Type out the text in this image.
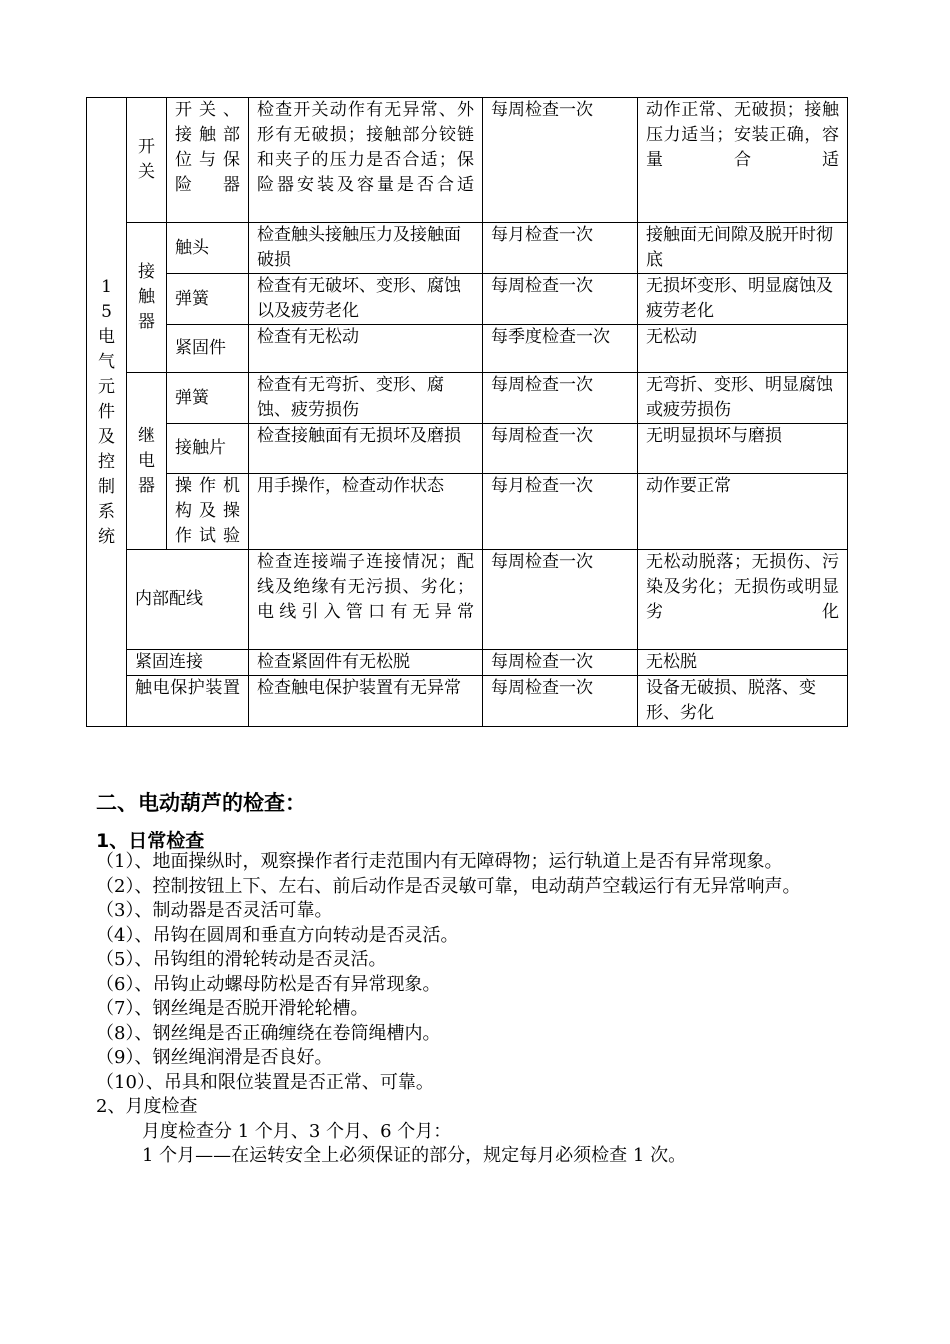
15电气元件及控制系统	开关	开关、接触部位与保险器	检查开关动作有无异常、外形有无破损；接触部分铰链和夹子的压力是否合适；保险器安装及容量是否合适	每周检查一次	动作正常、无破损；接触压力适当；安装正确，容量合适

	接触器	触头	检查触头接触压力及接触面破损	每月检查一次	接触面无间隙及脱开时彻底
		弹簧	检查有无破坏、变形、腐蚀以及疲劳老化	每周检查一次	无损坏变形、明显腐蚀及疲劳老化
		紧固件	检查有无松动	每季度检查一次	无松动

	继电器	弹簧	检查有无弯折、变形、腐蚀、疲劳损伤	每周检查一次	无弯折、变形、明显腐蚀或疲劳损伤
		接触片	检查接触面有无损坏及磨损	每周检查一次	无明显损坏与磨损
		操作机构及操作试验	用手操作，检查动作状态	每月检查一次	动作要正常
	内部配线		检查连接端子连接情况；配线及绝缘有无污损、劣化；电线引入管口有无异常	每周检查一次	无松动脱落；无损伤、污染及劣化；无损伤或明显劣化
	紧固连接		检查紧固件有无松脱	每周检查一次	无松脱
	触电保护装置		检查触电保护装置有无异常	每周检查一次	设备无破损、脱落、变形、劣化
二、电动葫芦的检查：
1、日常检查

（1）、地面操纵时，观察操作者行走范围内有无障碍物；运行轨道上是否有异常现象。

（2）、控制按钮上下、左右、前后动作是否灵敏可靠，电动葫芦空载运行有无异常响声。

（3）、制动器是否灵活可靠。

（4）、吊钩在圆周和垂直方向转动是否灵活。

（5）、吊钩组的滑轮转动是否灵活。

（6）、吊钩止动螺母防松是否有异常现象。

（7）、钢丝绳是否脱开滑轮轮槽。

（8）、钢丝绳是否正确缠绕在卷筒绳槽内。

（9）、钢丝绳润滑是否良好。

（10）、吊具和限位装置是否正常、可靠。

2、月度检查

月度检查分 1 个月、3 个月、6 个月：

1 个月——在运转安全上必须保证的部分，规定每月必须检查 1 次。
